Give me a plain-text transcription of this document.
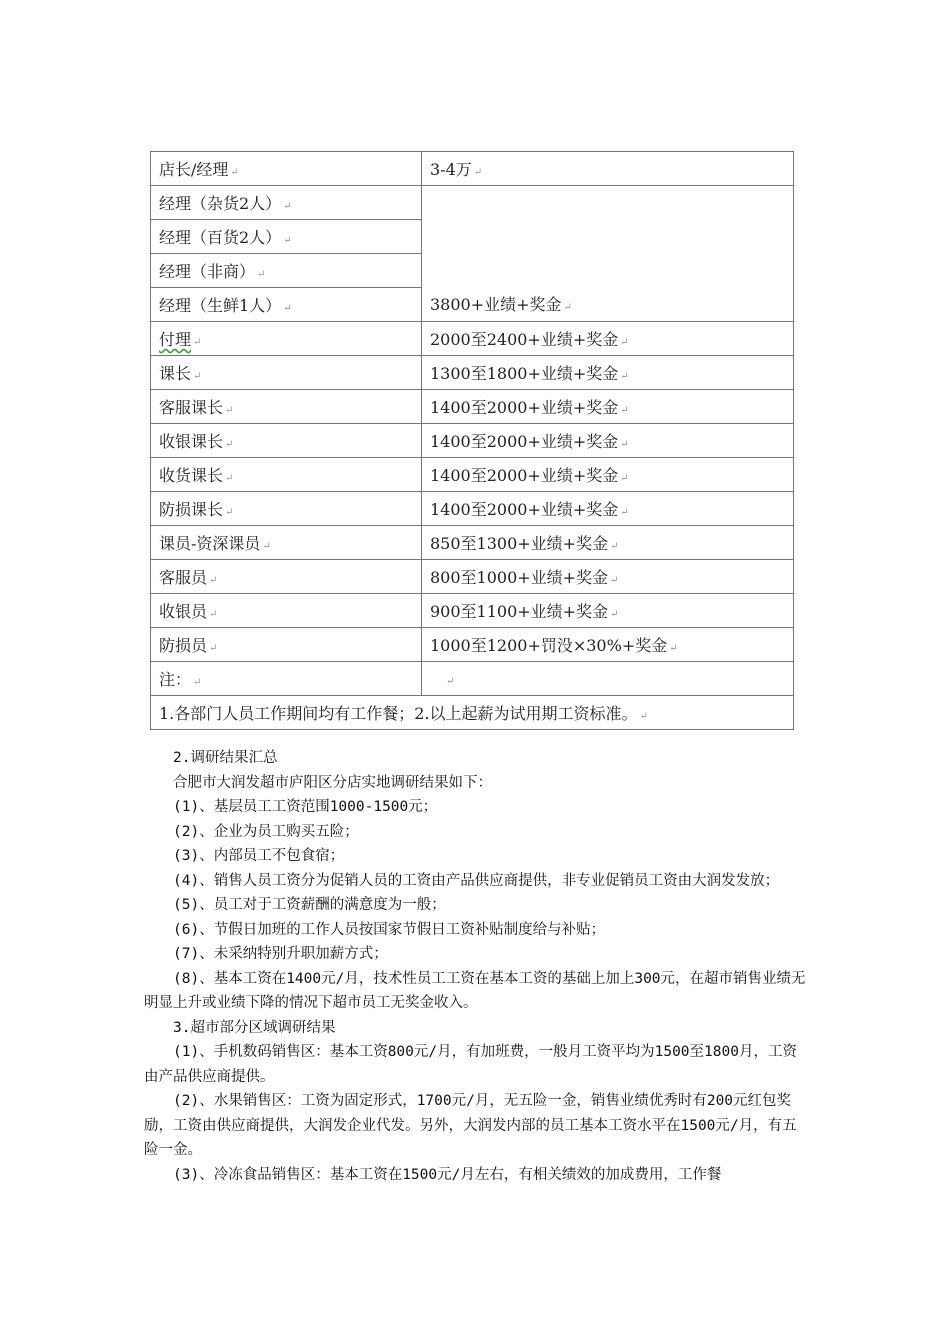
店长/经理 ↵	3-4万 ↵
经理（杂货2人） ↵	3800+业绩+奖金 ↵
经理（百货2人） ↵	
经理（非商） ↵	
经理（生鲜1人） ↵	
付理 ↵	2000至2400+业绩+奖金 ↵
课长 ↵	1300至1800+业绩+奖金 ↵
客服课长 ↵	1400至2000+业绩+奖金 ↵
收银课长 ↵	1400至2000+业绩+奖金 ↵
收货课长 ↵	1400至2000+业绩+奖金 ↵
防损课长 ↵	1400至2000+业绩+奖金 ↵
课员-资深课员 ↵	850至1300+业绩+奖金 ↵
客服员 ↵	800至1000+业绩+奖金 ↵
收银员 ↵	900至1100+业绩+奖金 ↵
防损员 ↵	1000至1200+罚没×30%+奖金 ↵
注： ↵	↵
1.各部门人员工作期间均有工作餐；2.以上起薪为试用期工资标准。 ↵	

2.调研结果汇总

合肥市大润发超市庐阳区分店实地调研结果如下：

(1)、基层员工工资范围1000-1500元；

(2)、企业为员工购买五险；

(3)、内部员工不包食宿；

(4)、销售人员工资分为促销人员的工资由产品供应商提供，非专业促销员工资由大润发发放；

(5)、员工对于工资薪酬的满意度为一般；

(6)、节假日加班的工作人员按国家节假日工资补贴制度给与补贴；

(7)、未采纳特别升职加薪方式；

(8)、基本工资在1400元/月，技术性员工工资在基本工资的基础上加上300元，在超市销售业绩无明显上升或业绩下降的情况下超市员工无奖金收入。

3.超市部分区域调研结果

(1)、手机数码销售区：基本工资800元/月，有加班费，一般月工资平均为1500至1800月，工资由产品供应商提供。

(2)、水果销售区：工资为固定形式，1700元/月，无五险一金，销售业绩优秀时有200元红包奖励，工资由供应商提供，大润发企业代发。另外，大润发内部的员工基本工资水平在1500元/月，有五险一金。

(3)、冷冻食品销售区：基本工资在1500元/月左右，有相关绩效的加成费用，工作餐
